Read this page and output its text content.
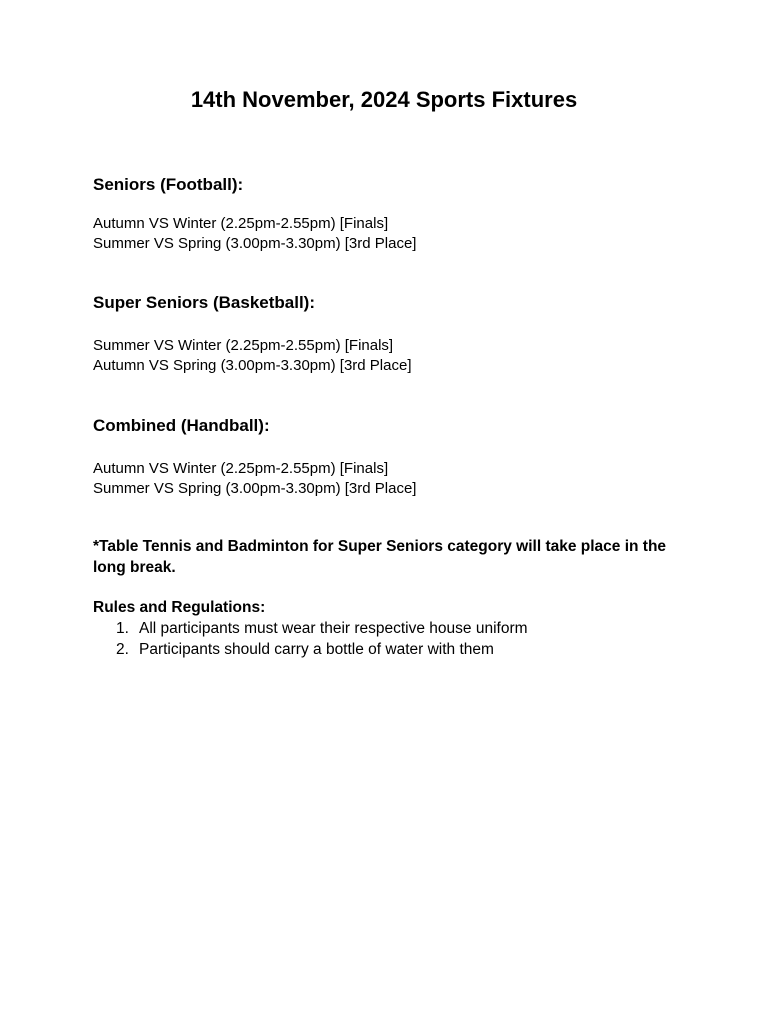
14th November, 2024 Sports Fixtures
Seniors (Football):
Autumn VS Winter (2.25pm-2.55pm) [Finals]
Summer VS Spring (3.00pm-3.30pm) [3rd Place]
Super Seniors (Basketball):
Summer VS Winter (2.25pm-2.55pm) [Finals]
Autumn VS Spring (3.00pm-3.30pm) [3rd Place]
Combined (Handball):
Autumn VS Winter (2.25pm-2.55pm) [Finals]
Summer VS Spring (3.00pm-3.30pm) [3rd Place]

*Table Tennis and Badminton for Super Seniors category will take place in the long break.

Rules and Regulations:
1. All participants must wear their respective house uniform
2. Participants should carry a bottle of water with them
